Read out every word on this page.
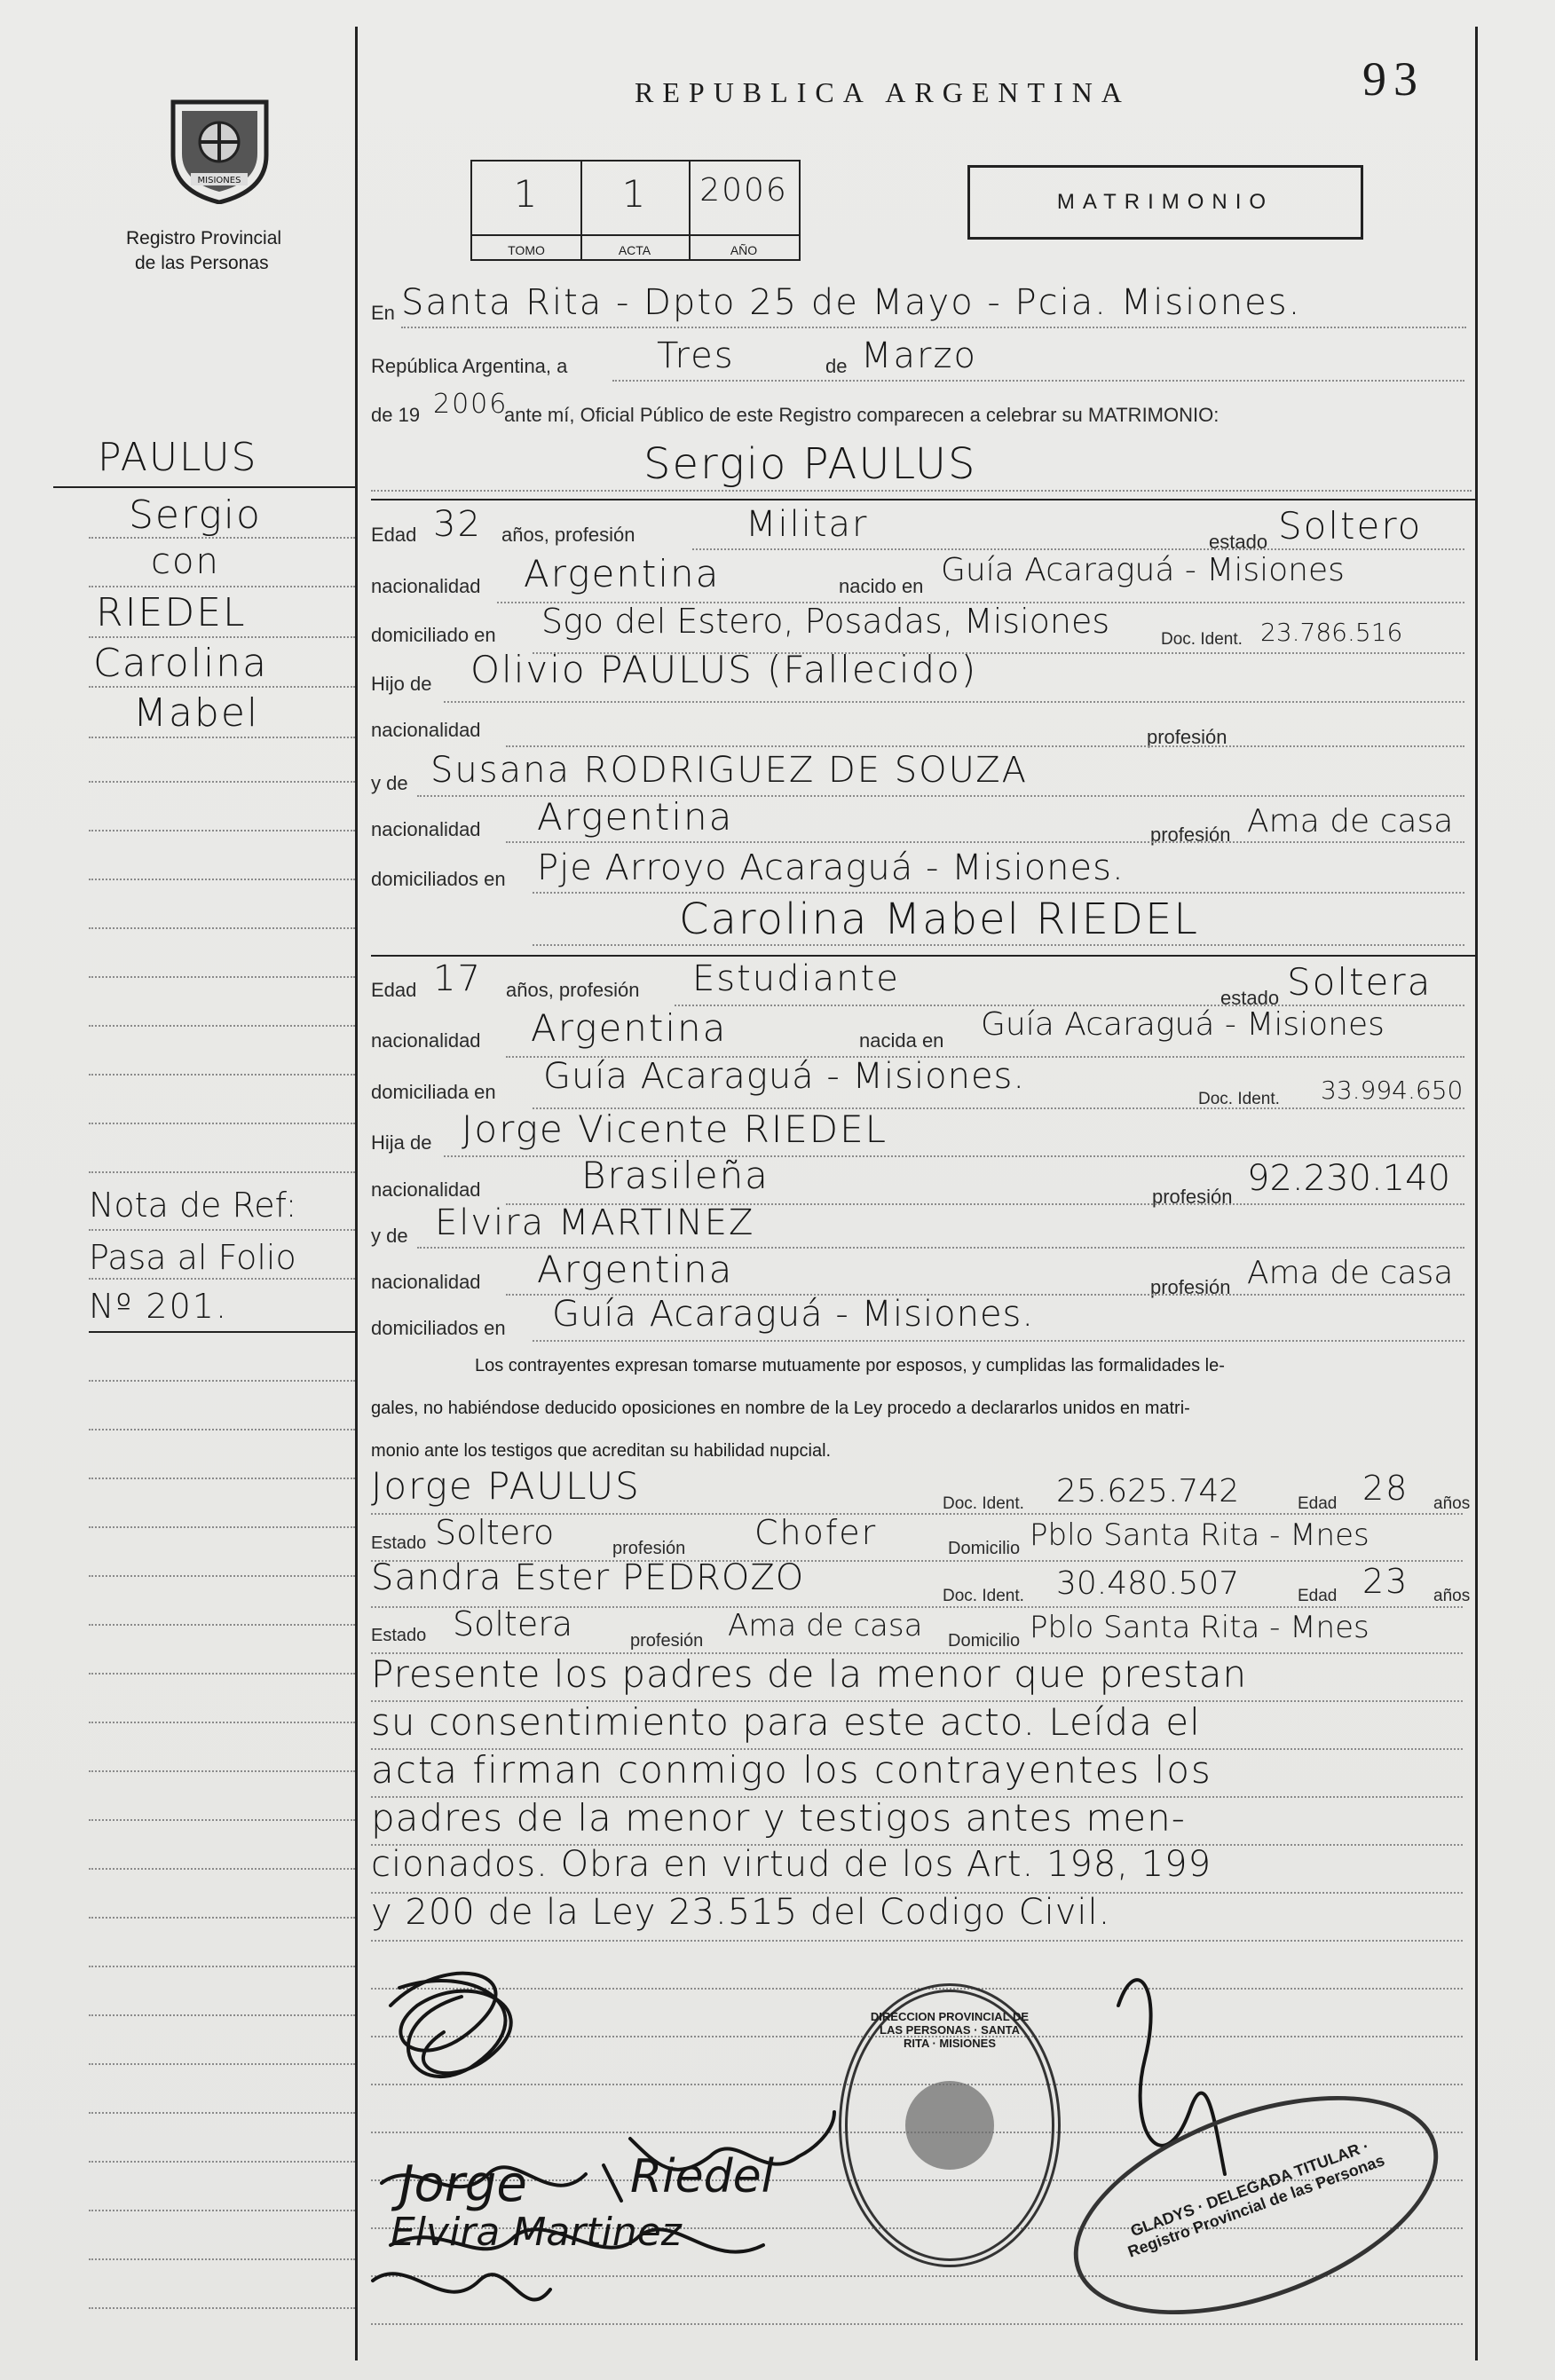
REPUBLICA ARGENTINA	93
MISIONES
Registro Provincial
de las Personas
1
TOMO
1
ACTA
2006
AÑO
MATRIMONIO
En Santa Rita - Dpto 25 de Mayo - Pcia. Misiones.
República Argentina, a	Tres	de Marzo
de 19 2006
ante mí, Oficial Público de este Registro comparecen a celebrar su MATRIMONIO:
Sergio PAULUS
Edad 32 años, profesión	Militar	estado Soltero
nacionalidad Argentina	nacido en Guía Acaraguá - Misiones
domiciliado en Sgo del Estero, Posadas, Misiones	Doc. Ident. 23.786.516
Hijo de Olivio PAULUS (Fallecido)
nacionalidad	profesión
y de Susana RODRIGUEZ DE SOUZA
nacionalidad Argentina	profesión Ama de casa
domiciliados en Pje Arroyo Acaraguá - Misiones.
Carolina Mabel RIEDEL
Edad 17 años, profesión Estudiante	estado Soltera
nacionalidad Argentina	nacida en Guía Acaraguá - Misiones
domiciliada en Guía Acaraguá - Misiones.
Doc. Ident. 33.994.650
Hija de Jorge Vicente RIEDEL
nacionalidad	Brasileña	profesión 92.230.140
y de Elvira MARTINEZ
nacionalidad Argentina	profesión Ama de casa
domiciliados en Guía Acaraguá - Misiones.
Los contrayentes expresan tomarse mutuamente por esposos, y cumplidas las formalidades le-
gales, no habiéndose deducido oposiciones en nombre de la Ley procedo a declararlos unidos en matri-
monio ante los testigos que acreditan su habilidad nupcial.
Jorge PAULUS	Doc. Ident. 25.625.742	Edad 28 años
Estado Soltero	profesión Chofer	Domicilio Pblo Santa Rita - Mnes
Sandra Ester PEDROZO	Doc. Ident. 30.480.507	Edad 23 años
Estado Soltera	profesión Ama de casa Domicilio Pblo Santa Rita - Mnes
Presente los padres de la menor que prestan
su consentimiento para este acto. Leída el
acta firman conmigo los contrayentes los
padres de la menor y testigos antes men-
cionados. Obra en virtud de los Art. 198, 199
y 200 de la Ley 23.515 del Codigo Civil.
Jorge Riedel
Elvira Martinez
DIRECCION PROVINCIAL DE LAS PERSONAS · SANTA RITA · MISIONES
GLADYS · DELEGADA TITULAR · Registro Provincial de las Personas
PAULUS
Sergio
con
RIEDEL
Carolina
Mabel
Nota de Ref:
Pasa al Folio
Nº 201.
